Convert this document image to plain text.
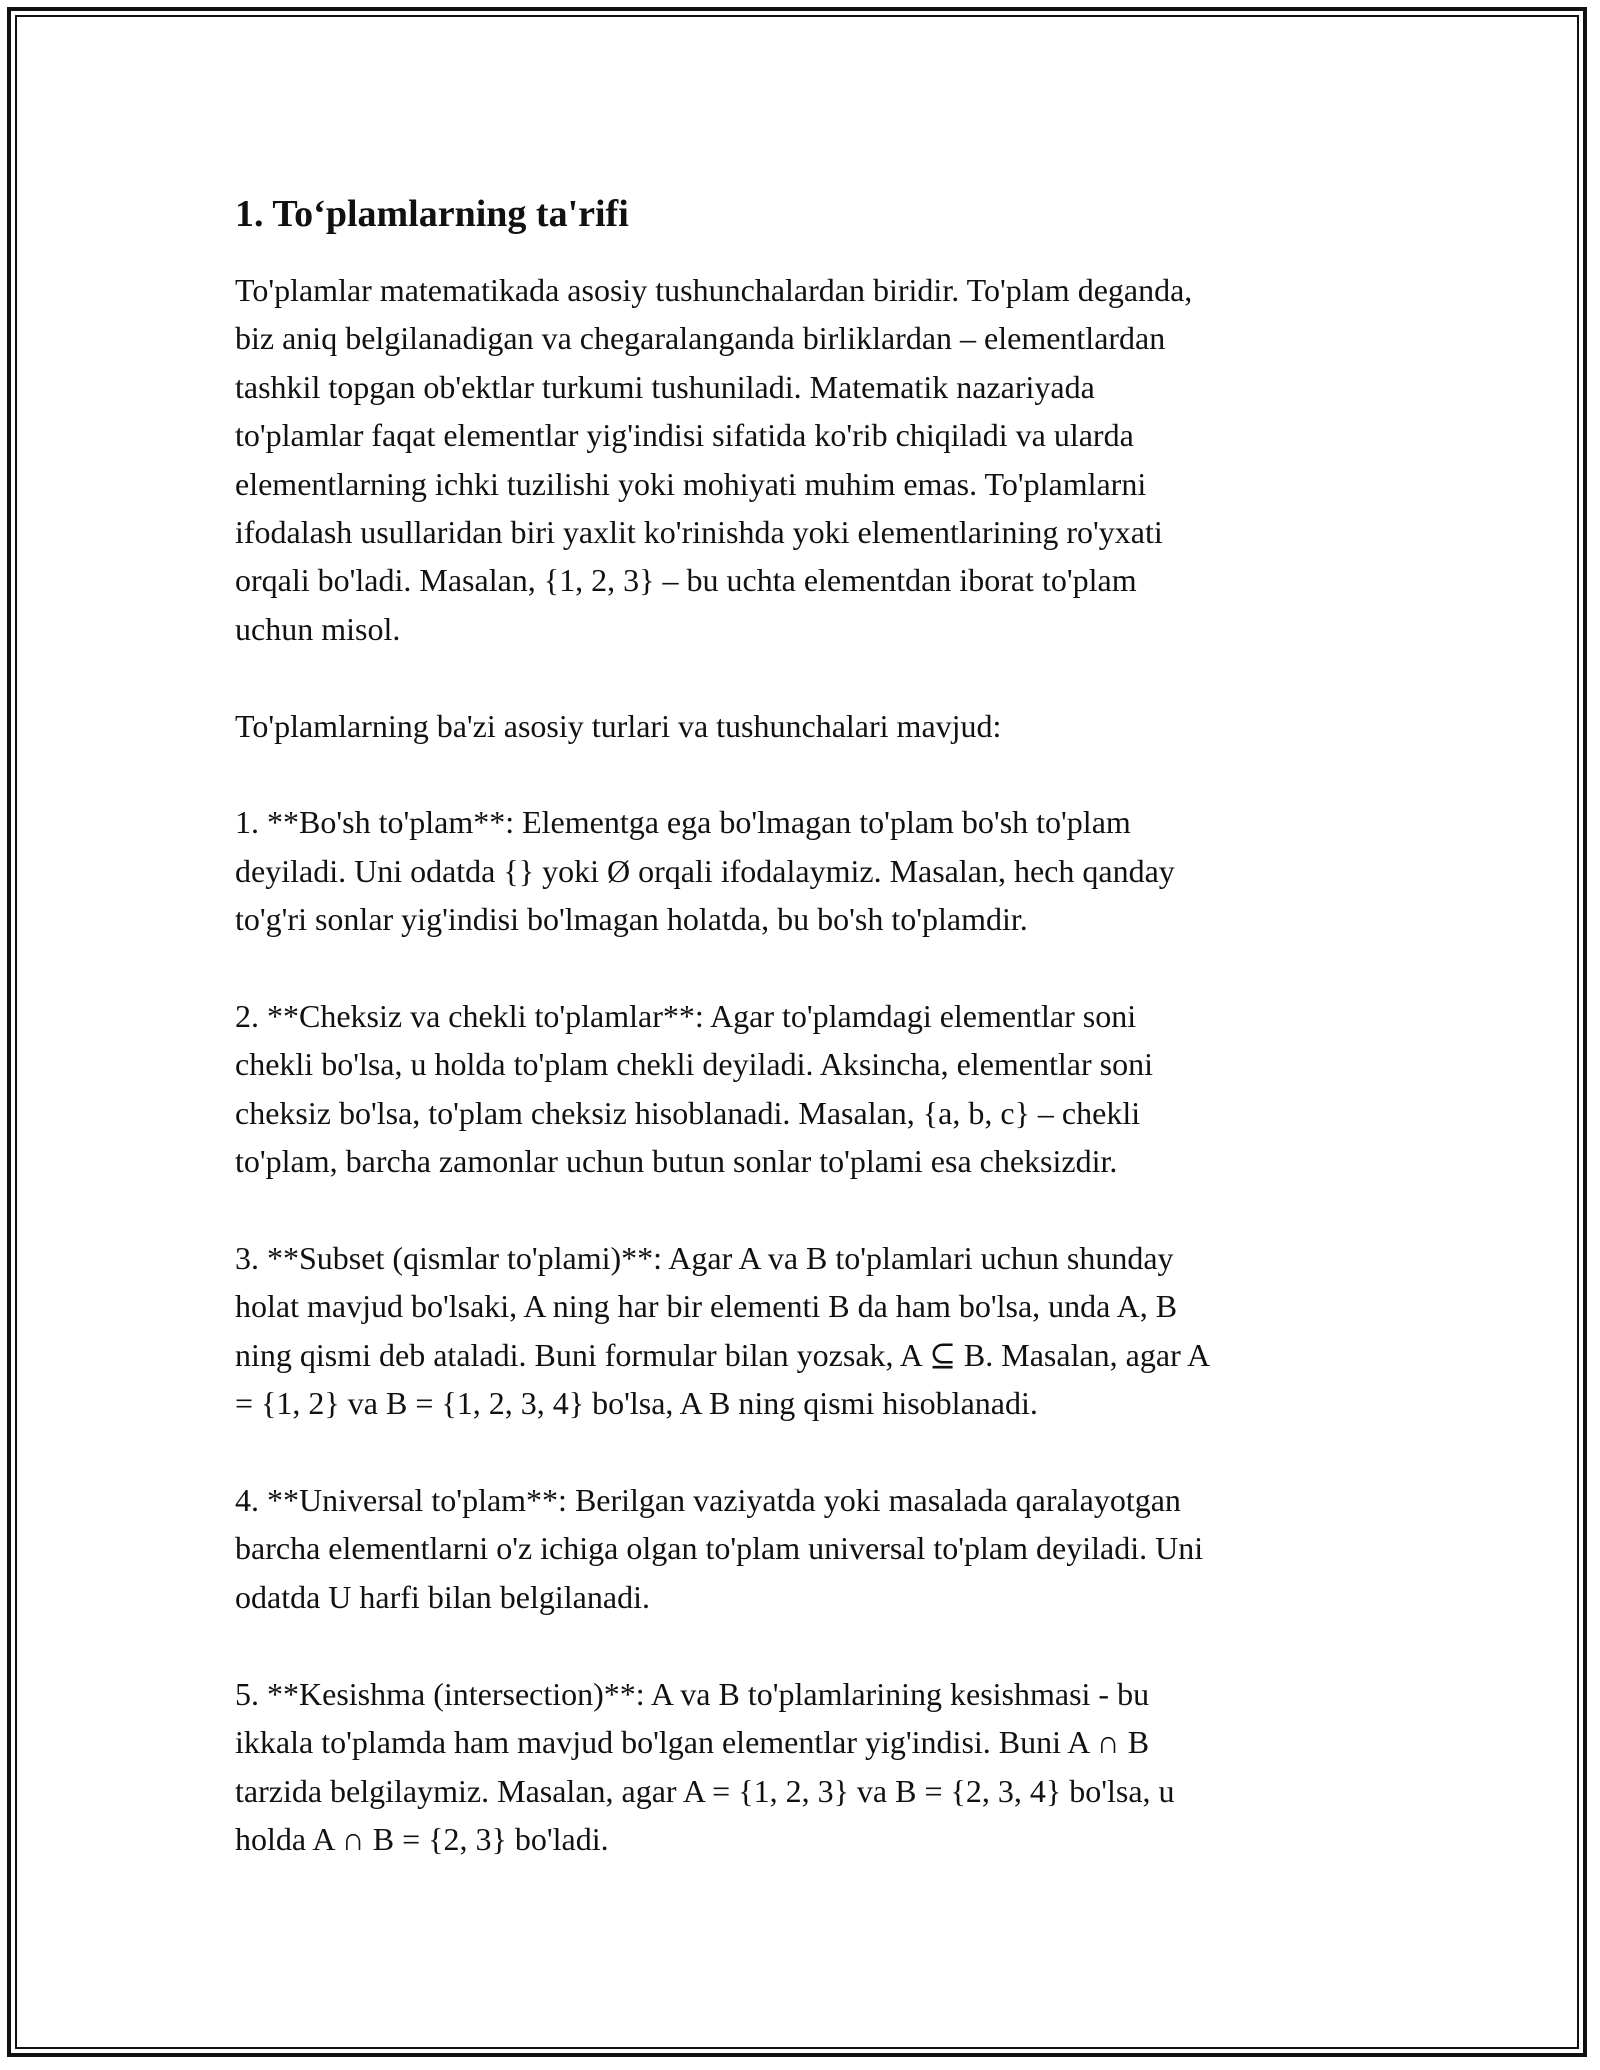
1. To‘plamlarning ta'rifi

To'plamlar matematikada asosiy tushunchalardan biridir. To'plam deganda,
biz aniq belgilanadigan va chegaralanganda birliklardan – elementlardan
tashkil topgan ob'ektlar turkumi tushuniladi. Matematik nazariyada
to'plamlar faqat elementlar yig'indisi sifatida ko'rib chiqiladi va ularda
elementlarning ichki tuzilishi yoki mohiyati muhim emas. To'plamlarni
ifodalash usullaridan biri yaxlit ko'rinishda yoki elementlarining ro'yxati
orqali bo'ladi. Masalan, {1, 2, 3} – bu uchta elementdan iborat to'plam
uchun misol.

To'plamlarning ba'zi asosiy turlari va tushunchalari mavjud:

1. **Bo'sh to'plam**: Elementga ega bo'lmagan to'plam bo'sh to'plam
deyiladi. Uni odatda {} yoki Ø orqali ifodalaymiz. Masalan, hech qanday
to'g'ri sonlar yig'indisi bo'lmagan holatda, bu bo'sh to'plamdir.

2. **Cheksiz va chekli to'plamlar**: Agar to'plamdagi elementlar soni
chekli bo'lsa, u holda to'plam chekli deyiladi. Aksincha, elementlar soni
cheksiz bo'lsa, to'plam cheksiz hisoblanadi. Masalan, {a, b, c} – chekli
to'plam, barcha zamonlar uchun butun sonlar to'plami esa cheksizdir.

3. **Subset (qismlar to'plami)**: Agar A va B to'plamlari uchun shunday
holat mavjud bo'lsaki, A ning har bir elementi B da ham bo'lsa, unda A, B
ning qismi deb ataladi. Buni formular bilan yozsak, A ⊆ B. Masalan, agar A
= {1, 2} va B = {1, 2, 3, 4} bo'lsa, A B ning qismi hisoblanadi.

4. **Universal to'plam**: Berilgan vaziyatda yoki masalada qaralayotgan
barcha elementlarni o'z ichiga olgan to'plam universal to'plam deyiladi. Uni
odatda U harfi bilan belgilanadi.

5. **Kesishma (intersection)**: A va B to'plamlarining kesishmasi - bu
ikkala to'plamda ham mavjud bo'lgan elementlar yig'indisi. Buni A ∩ B
tarzida belgilaymiz. Masalan, agar A = {1, 2, 3} va B = {2, 3, 4} bo'lsa, u
holda A ∩ B = {2, 3} bo'ladi.
